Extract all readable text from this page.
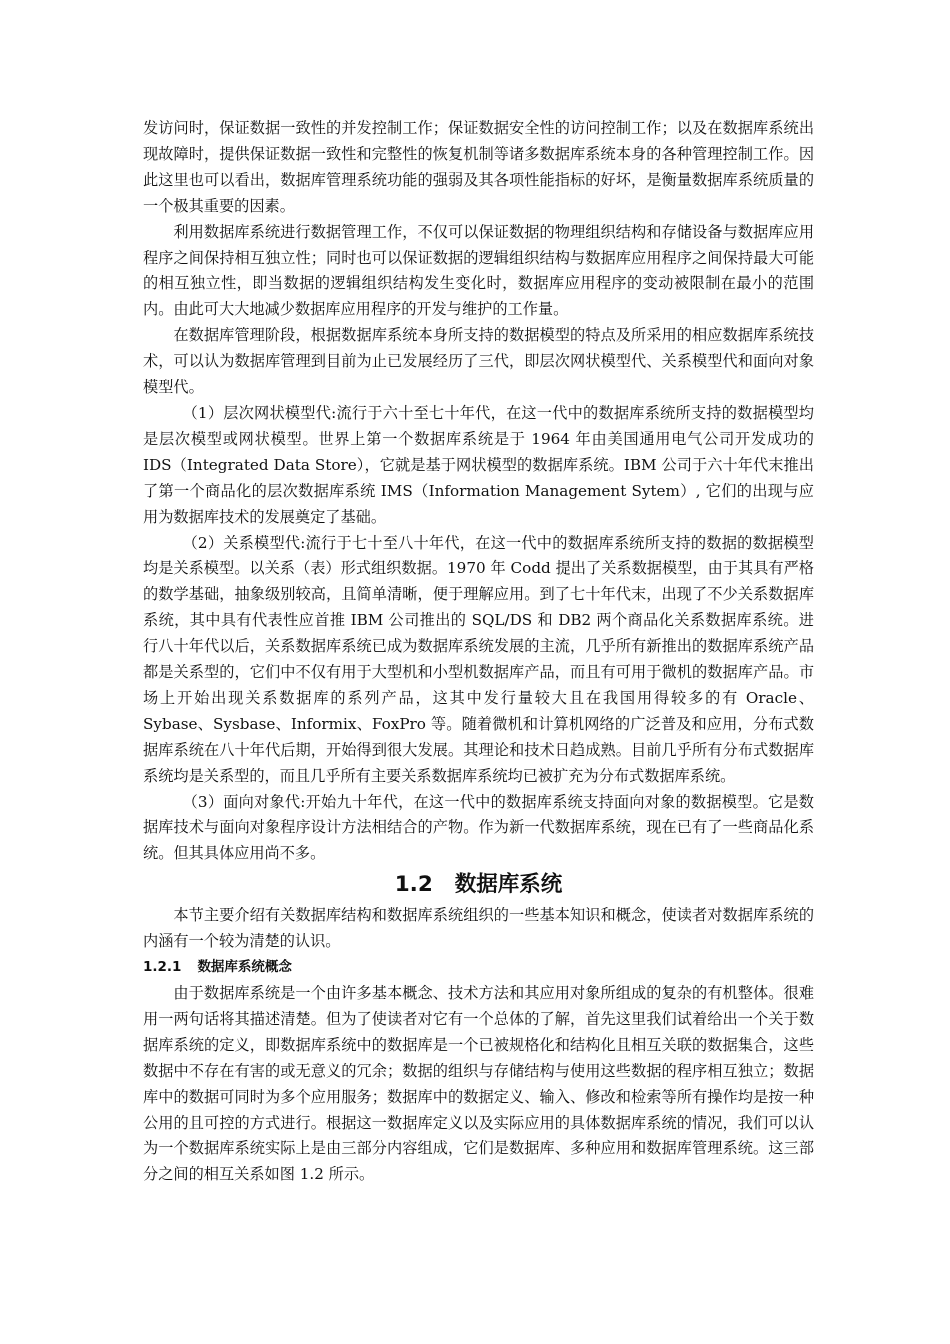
发访问时，保证数据一致性的并发控制工作；保证数据安全性的访问控制工作；以及在数据库系统出现故障时，提供保证数据一致性和完整性的恢复机制等诸多数据库系统本身的各种管理控制工作。因此这里也可以看出，数据库管理系统功能的强弱及其各项性能指标的好坏，是衡量数据库系统质量的一个极其重要的因素。

利用数据库系统进行数据管理工作，不仅可以保证数据的物理组织结构和存储设备与数据库应用程序之间保持相互独立性；同时也可以保证数据的逻辑组织结构与数据库应用程序之间保持最大可能的相互独立性，即当数据的逻辑组织结构发生变化时，数据库应用程序的变动被限制在最小的范围内。由此可大大地减少数据库应用程序的开发与维护的工作量。

在数据库管理阶段，根据数据库系统本身所支持的数据模型的特点及所采用的相应数据库系统技术，可以认为数据库管理到目前为止已发展经历了三代，即层次网状模型代、关系模型代和面向对象模型代。

（1）层次网状模型代:流行于六十至七十年代，在这一代中的数据库系统所支持的数据模型均是层次模型或网状模型。世界上第一个数据库系统是于 1964 年由美国通用电气公司开发成功的 IDS（Integrated Data Store），它就是基于网状模型的数据库系统。IBM 公司于六十年代末推出了第一个商品化的层次数据库系统 IMS（Information Management Sytem）, 它们的出现与应用为数据库技术的发展奠定了基础。

（2）关系模型代:流行于七十至八十年代，在这一代中的数据库系统所支持的数据的数据模型均是关系模型。以关系（表）形式组织数据。1970 年 Codd 提出了关系数据模型，由于其具有严格的数学基础，抽象级别较高，且简单清晰，便于理解应用。到了七十年代末，出现了不少关系数据库系统，其中具有代表性应首推 IBM 公司推出的 SQL/DS 和 DB2 两个商品化关系数据库系统。进行八十年代以后，关系数据库系统已成为数据库系统发展的主流，几乎所有新推出的数据库系统产品都是关系型的，它们中不仅有用于大型机和小型机数据库产品，而且有可用于微机的数据库产品。市场上开始出现关系数据库的系列产品，这其中发行量较大且在我国用得较多的有 Oracle、Sybase、Sysbase、Informix、FoxPro 等。随着微机和计算机网络的广泛普及和应用，分布式数据库系统在八十年代后期，开始得到很大发展。其理论和技术日趋成熟。目前几乎所有分布式数据库系统均是关系型的，而且几乎所有主要关系数据库系统均已被扩充为分布式数据库系统。

（3）面向对象代:开始九十年代，在这一代中的数据库系统支持面向对象的数据模型。它是数据库技术与面向对象程序设计方法相结合的产物。作为新一代数据库系统，现在已有了一些商品化系统。但其具体应用尚不多。

1.2 数据库系统

本节主要介绍有关数据库结构和数据库系统组织的一些基本知识和概念，使读者对数据库系统的内涵有一个较为清楚的认识。

1.2.1 数据库系统概念

由于数据库系统是一个由许多基本概念、技术方法和其应用对象所组成的复杂的有机整体。很难用一两句话将其描述清楚。但为了使读者对它有一个总体的了解，首先这里我们试着给出一个关于数据库系统的定义，即数据库系统中的数据库是一个已被规格化和结构化且相互关联的数据集合，这些数据中不存在有害的或无意义的冗余；数据的组织与存储结构与使用这些数据的程序相互独立；数据库中的数据可同时为多个应用服务；数据库中的数据定义、输入、修改和检索等所有操作均是按一种公用的且可控的方式进行。根据这一数据库定义以及实际应用的具体数据库系统的情况，我们可以认为一个数据库系统实际上是由三部分内容组成，它们是数据库、多种应用和数据库管理系统。这三部分之间的相互关系如图 1.2 所示。
